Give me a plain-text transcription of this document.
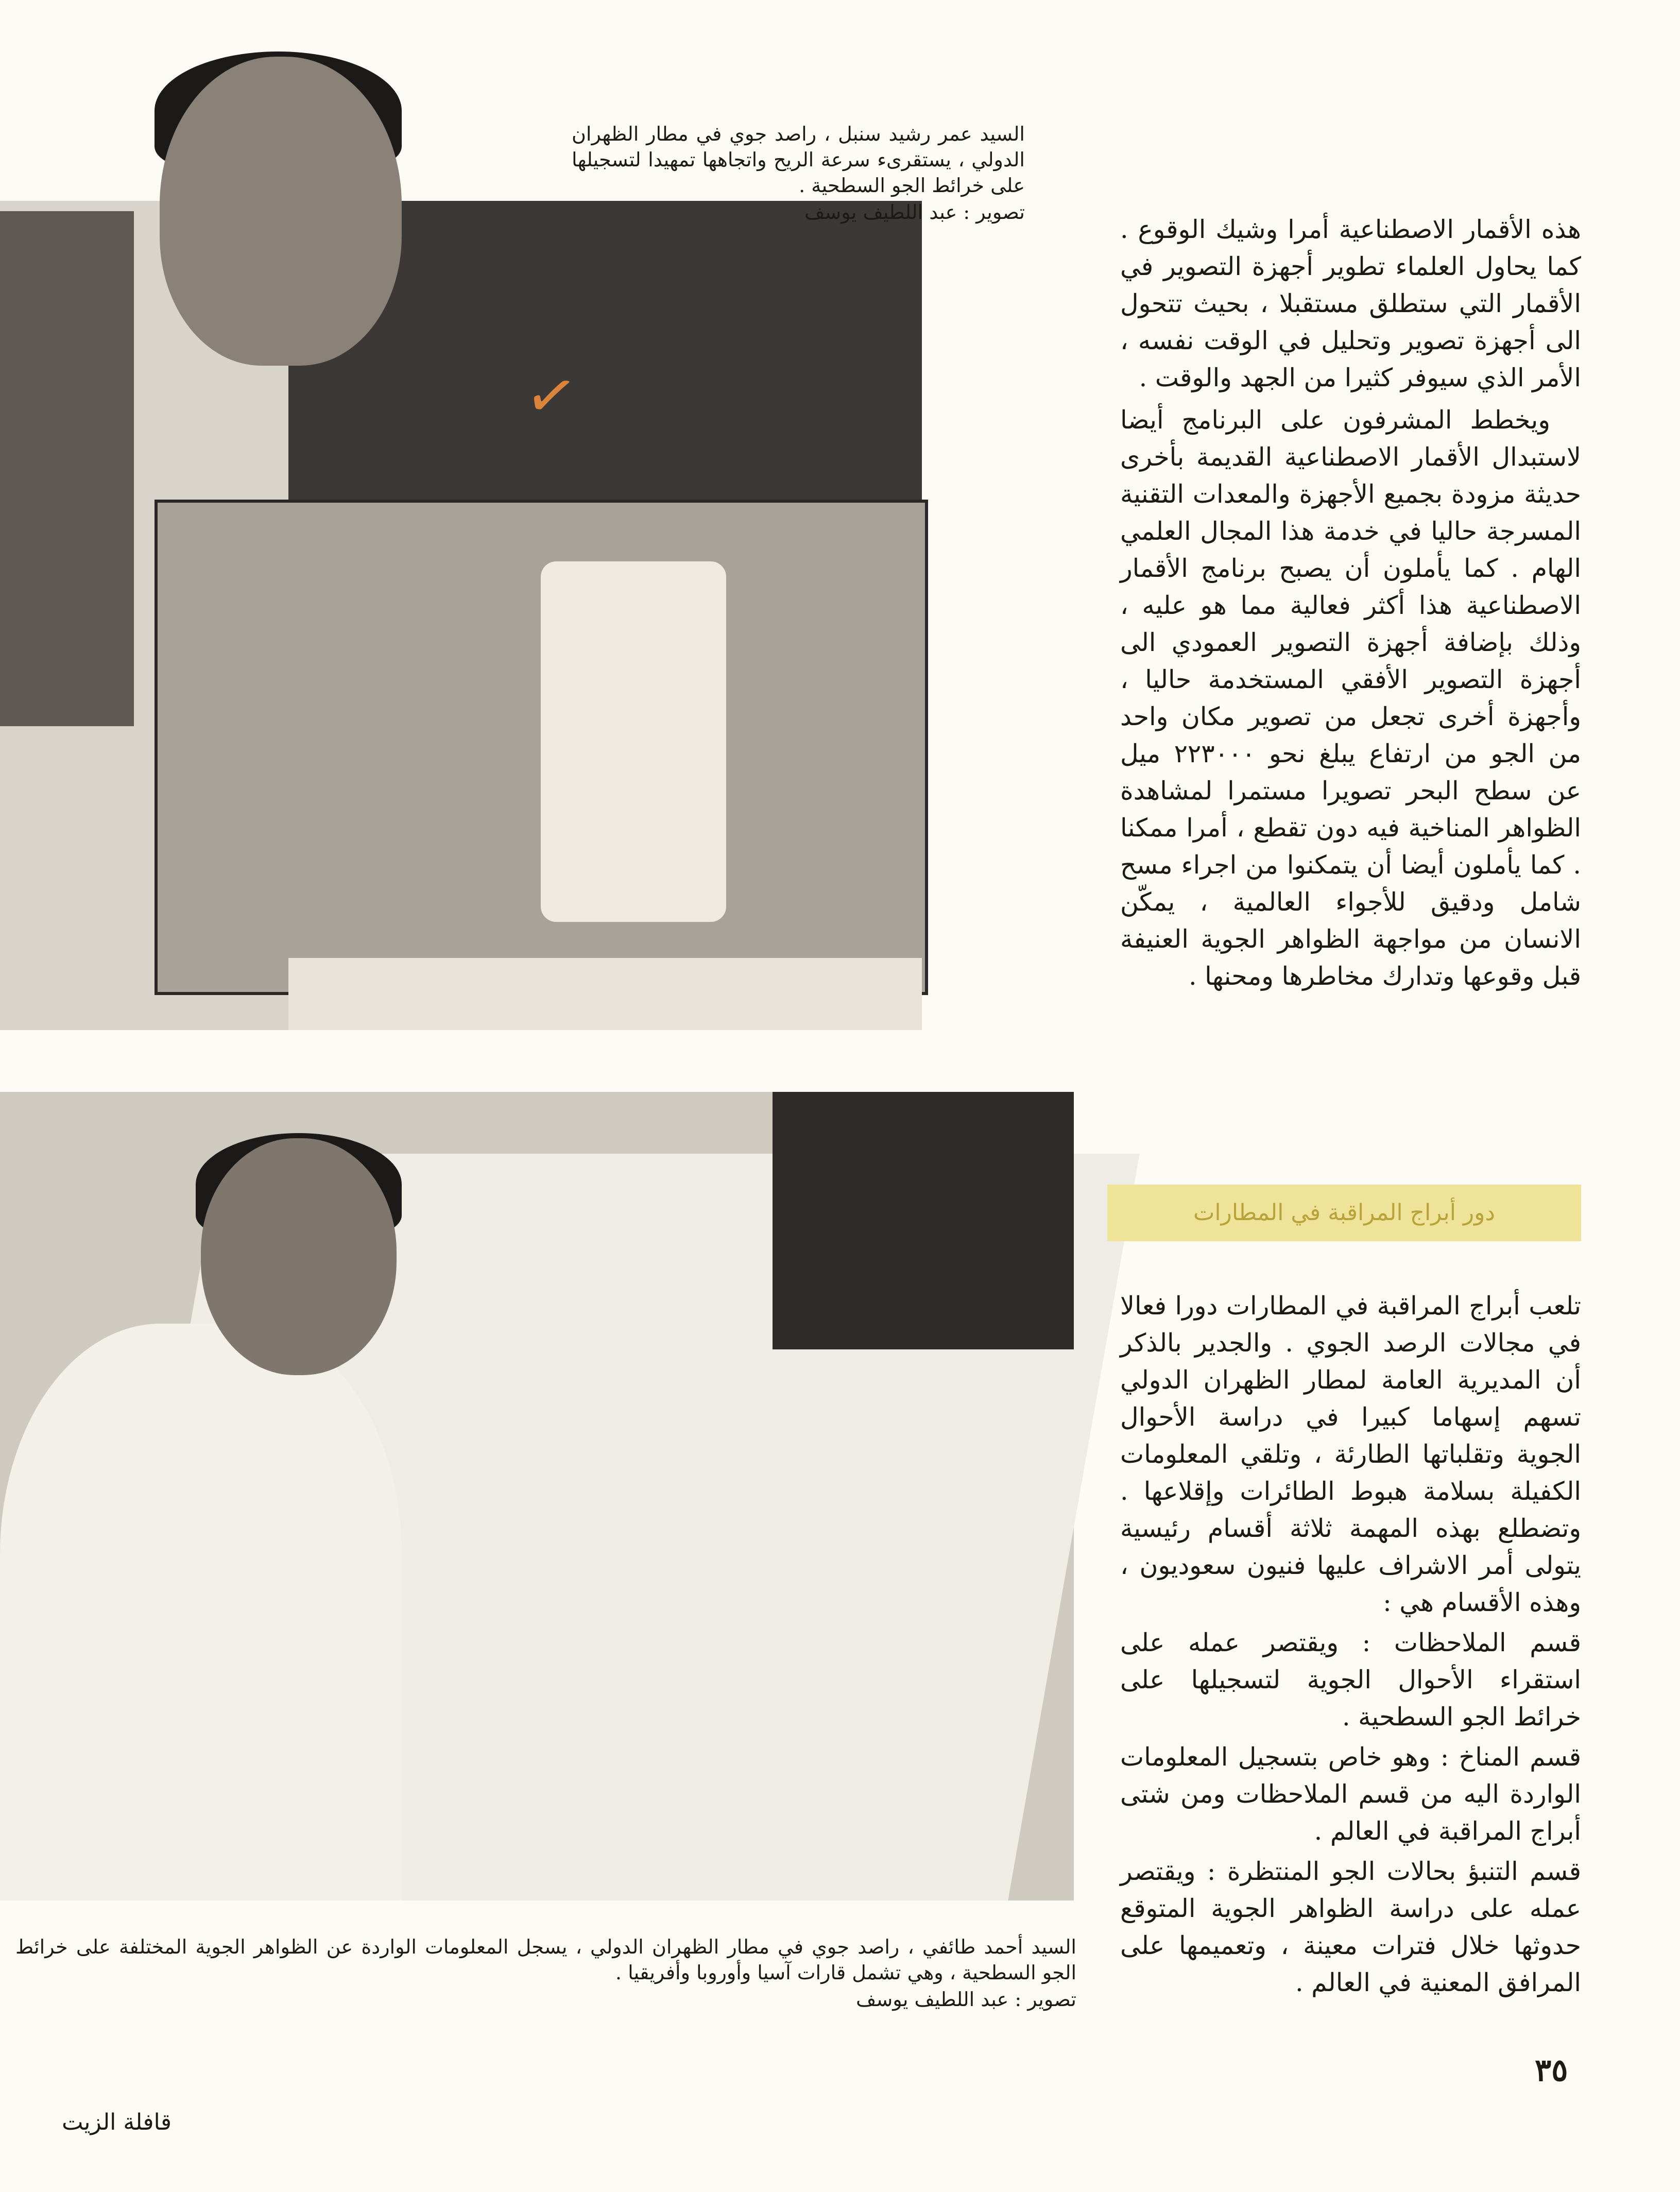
✓
السيد عمر رشيد سنبل ، راصد جوي في مطار الظهران الدولي ، يستقرىء سرعة الريح واتجاهها تمهيدا لتسجيلها على خرائط الجو السطحية .
تصوير : عبد اللطيف يوسف
السيد أحمد طائفي ، راصد جوي في مطار الظهران الدولي ، يسجل المعلومات الواردة عن الظواهر الجوية المختلفة على خرائط الجو السطحية ، وهي تشمل قارات آسيا وأوروبا وأفريقيا .
تصوير : عبد اللطيف يوسف

هذه الأقمار الاصطناعية أمرا وشيك الوقوع . كما يحاول العلماء تطوير أجهزة التصوير في الأقمار التي ستطلق مستقبلا ، بحيث تتحول الى أجهزة تصوير وتحليل في الوقت نفسه ، الأمر الذي سيوفر كثيرا من الجهد والوقت .

ويخطط المشرفون على البرنامج أيضا لاستبدال الأقمار الاصطناعية القديمة بأخرى حديثة مزودة بجميع الأجهزة والمعدات التقنية المسرجة حاليا في خدمة هذا المجال العلمي الهام . كما يأملون أن يصبح برنامج الأقمار الاصطناعية هذا أكثر فعالية مما هو عليه ، وذلك بإضافة أجهزة التصوير العمودي الى أجهزة التصوير الأفقي المستخدمة حاليا ، وأجهزة أخرى تجعل من تصوير مكان واحد من الجو من ارتفاع يبلغ نحو ٢٢٣٠٠٠ ميل عن سطح البحر تصويرا مستمرا لمشاهدة الظواهر المناخية فيه دون تقطع ، أمرا ممكنا . كما يأملون أيضا أن يتمكنوا من اجراء مسح شامل ودقيق للأجواء العالمية ، يمكّن الانسان من مواجهة الظواهر الجوية العنيفة قبل وقوعها وتدارك مخاطرها ومحنها .

دور أبراج المراقبة في المطارات

تلعب أبراج المراقبة في المطارات دورا فعالا في مجالات الرصد الجوي . والجدير بالذكر أن المديرية العامة لمطار الظهران الدولي تسهم إسهاما كبيرا في دراسة الأحوال الجوية وتقلباتها الطارئة ، وتلقي المعلومات الكفيلة بسلامة هبوط الطائرات وإقلاعها . وتضطلع بهذه المهمة ثلاثة أقسام رئيسية يتولى أمر الاشراف عليها فنيون سعوديون ، وهذه الأقسام هي :

قسم الملاحظات : ويقتصر عمله على استقراء الأحوال الجوية لتسجيلها على خرائط الجو السطحية .

قسم المناخ : وهو خاص بتسجيل المعلومات الواردة اليه من قسم الملاحظات ومن شتى أبراج المراقبة في العالم .

قسم التنبؤ بحالات الجو المنتظرة : ويقتصر عمله على دراسة الظواهر الجوية المتوقع حدوثها خلال فترات معينة ، وتعميمها على المرافق المعنية في العالم .

٣٥
قافلة الزيت
